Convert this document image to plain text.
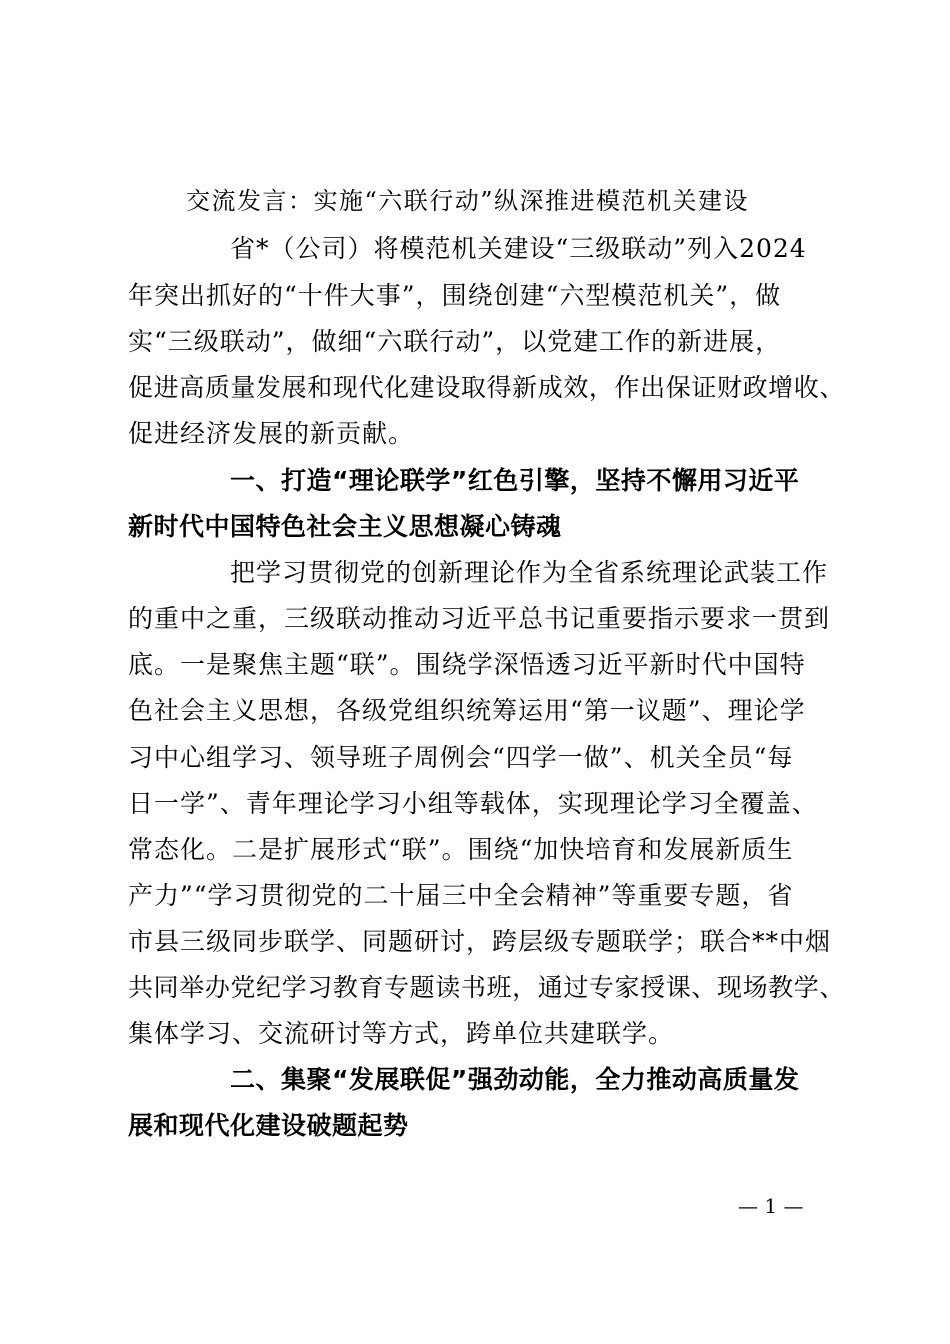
交流发言：实施“六联行动”纵深推进模范机关建设
省*（公司）将模范机关建设“三级联动”列入2024
年突出抓好的“十件大事”，围绕创建“六型模范机关”，做
实“三级联动”，做细“六联行动”，以党建工作的新进展，
促进高质量发展和现代化建设取得新成效，作出保证财政增收、
促进经济发展的新贡献。
一、打造“理论联学”红色引擎，坚持不懈用习近平
新时代中国特色社会主义思想凝心铸魂
把学习贯彻党的创新理论作为全省系统理论武装工作
的重中之重，三级联动推动习近平总书记重要指示要求一贯到
底。一是聚焦主题“联”。围绕学深悟透习近平新时代中国特
色社会主义思想，各级党组织统筹运用“第一议题”、理论学
习中心组学习、领导班子周例会“四学一做”、机关全员“每
日一学”、青年理论学习小组等载体，实现理论学习全覆盖、
常态化。二是扩展形式“联”。围绕“加快培育和发展新质生
产力”“学习贯彻党的二十届三中全会精神”等重要专题，省
市县三级同步联学、同题研讨，跨层级专题联学；联合**中烟
共同举办党纪学习教育专题读书班，通过专家授课、现场教学、
集体学习、交流研讨等方式，跨单位共建联学。
二、集聚“发展联促”强劲动能，全力推动高质量发
展和现代化建设破题起势
— 1 —
